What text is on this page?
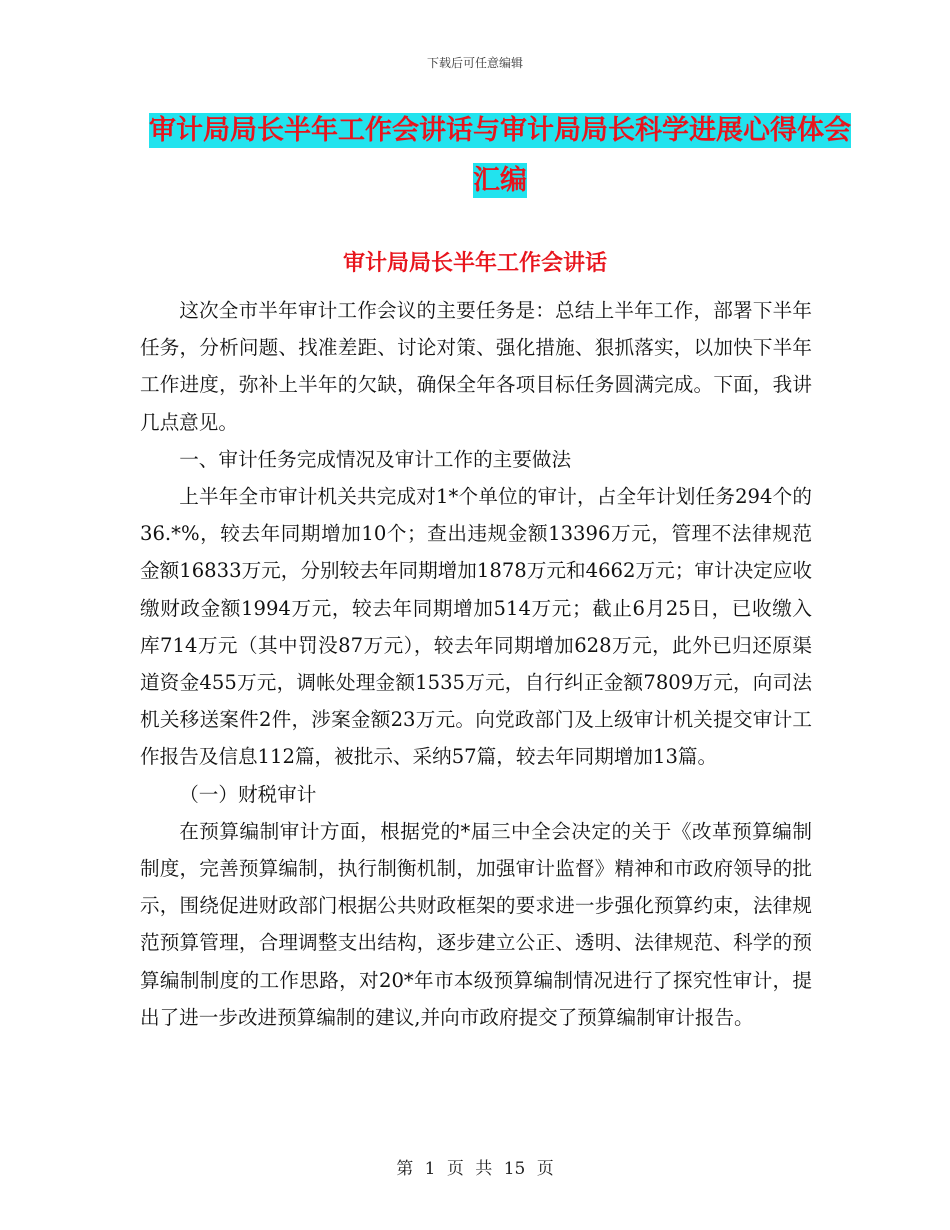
下载后可任意编辑
审计局局长半年工作会讲话与审计局局长科学进展心得体会汇编
审计局局长半年工作会讲话

这次全市半年审计工作会议的主要任务是：总结上半年工作，部署下半年任务，分析问题、找准差距、讨论对策、强化措施、狠抓落实，以加快下半年工作进度，弥补上半年的欠缺，确保全年各项目标任务圆满完成。下面，我讲几点意见。

一、审计任务完成情况及审计工作的主要做法

上半年全市审计机关共完成对1*个单位的审计，占全年计划任务294个的36.*%，较去年同期增加10个；查出违规金额13396万元，管理不法律规范金额16833万元，分别较去年同期增加1878万元和4662万元；审计决定应收缴财政金额1994万元，较去年同期增加514万元；截止6月25日，已收缴入库714万元（其中罚没87万元），较去年同期增加628万元，此外已归还原渠道资金455万元，调帐处理金额1535万元，自行纠正金额7809万元，向司法机关移送案件2件，涉案金额23万元。向党政部门及上级审计机关提交审计工作报告及信息112篇，被批示、采纳57篇，较去年同期增加13篇。

（一）财税审计

在预算编制审计方面，根据党的*届三中全会决定的关于《改革预算编制制度，完善预算编制，执行制衡机制，加强审计监督》精神和市政府领导的批示，围绕促进财政部门根据公共财政框架的要求进一步强化预算约束，法律规范预算管理，合理调整支出结构，逐步建立公正、透明、法律规范、科学的预算编制制度的工作思路，对20*年市本级预算编制情况进行了探究性审计，提出了进一步改进预算编制的建议,并向市政府提交了预算编制审计报告。

第 1 页 共 15 页
